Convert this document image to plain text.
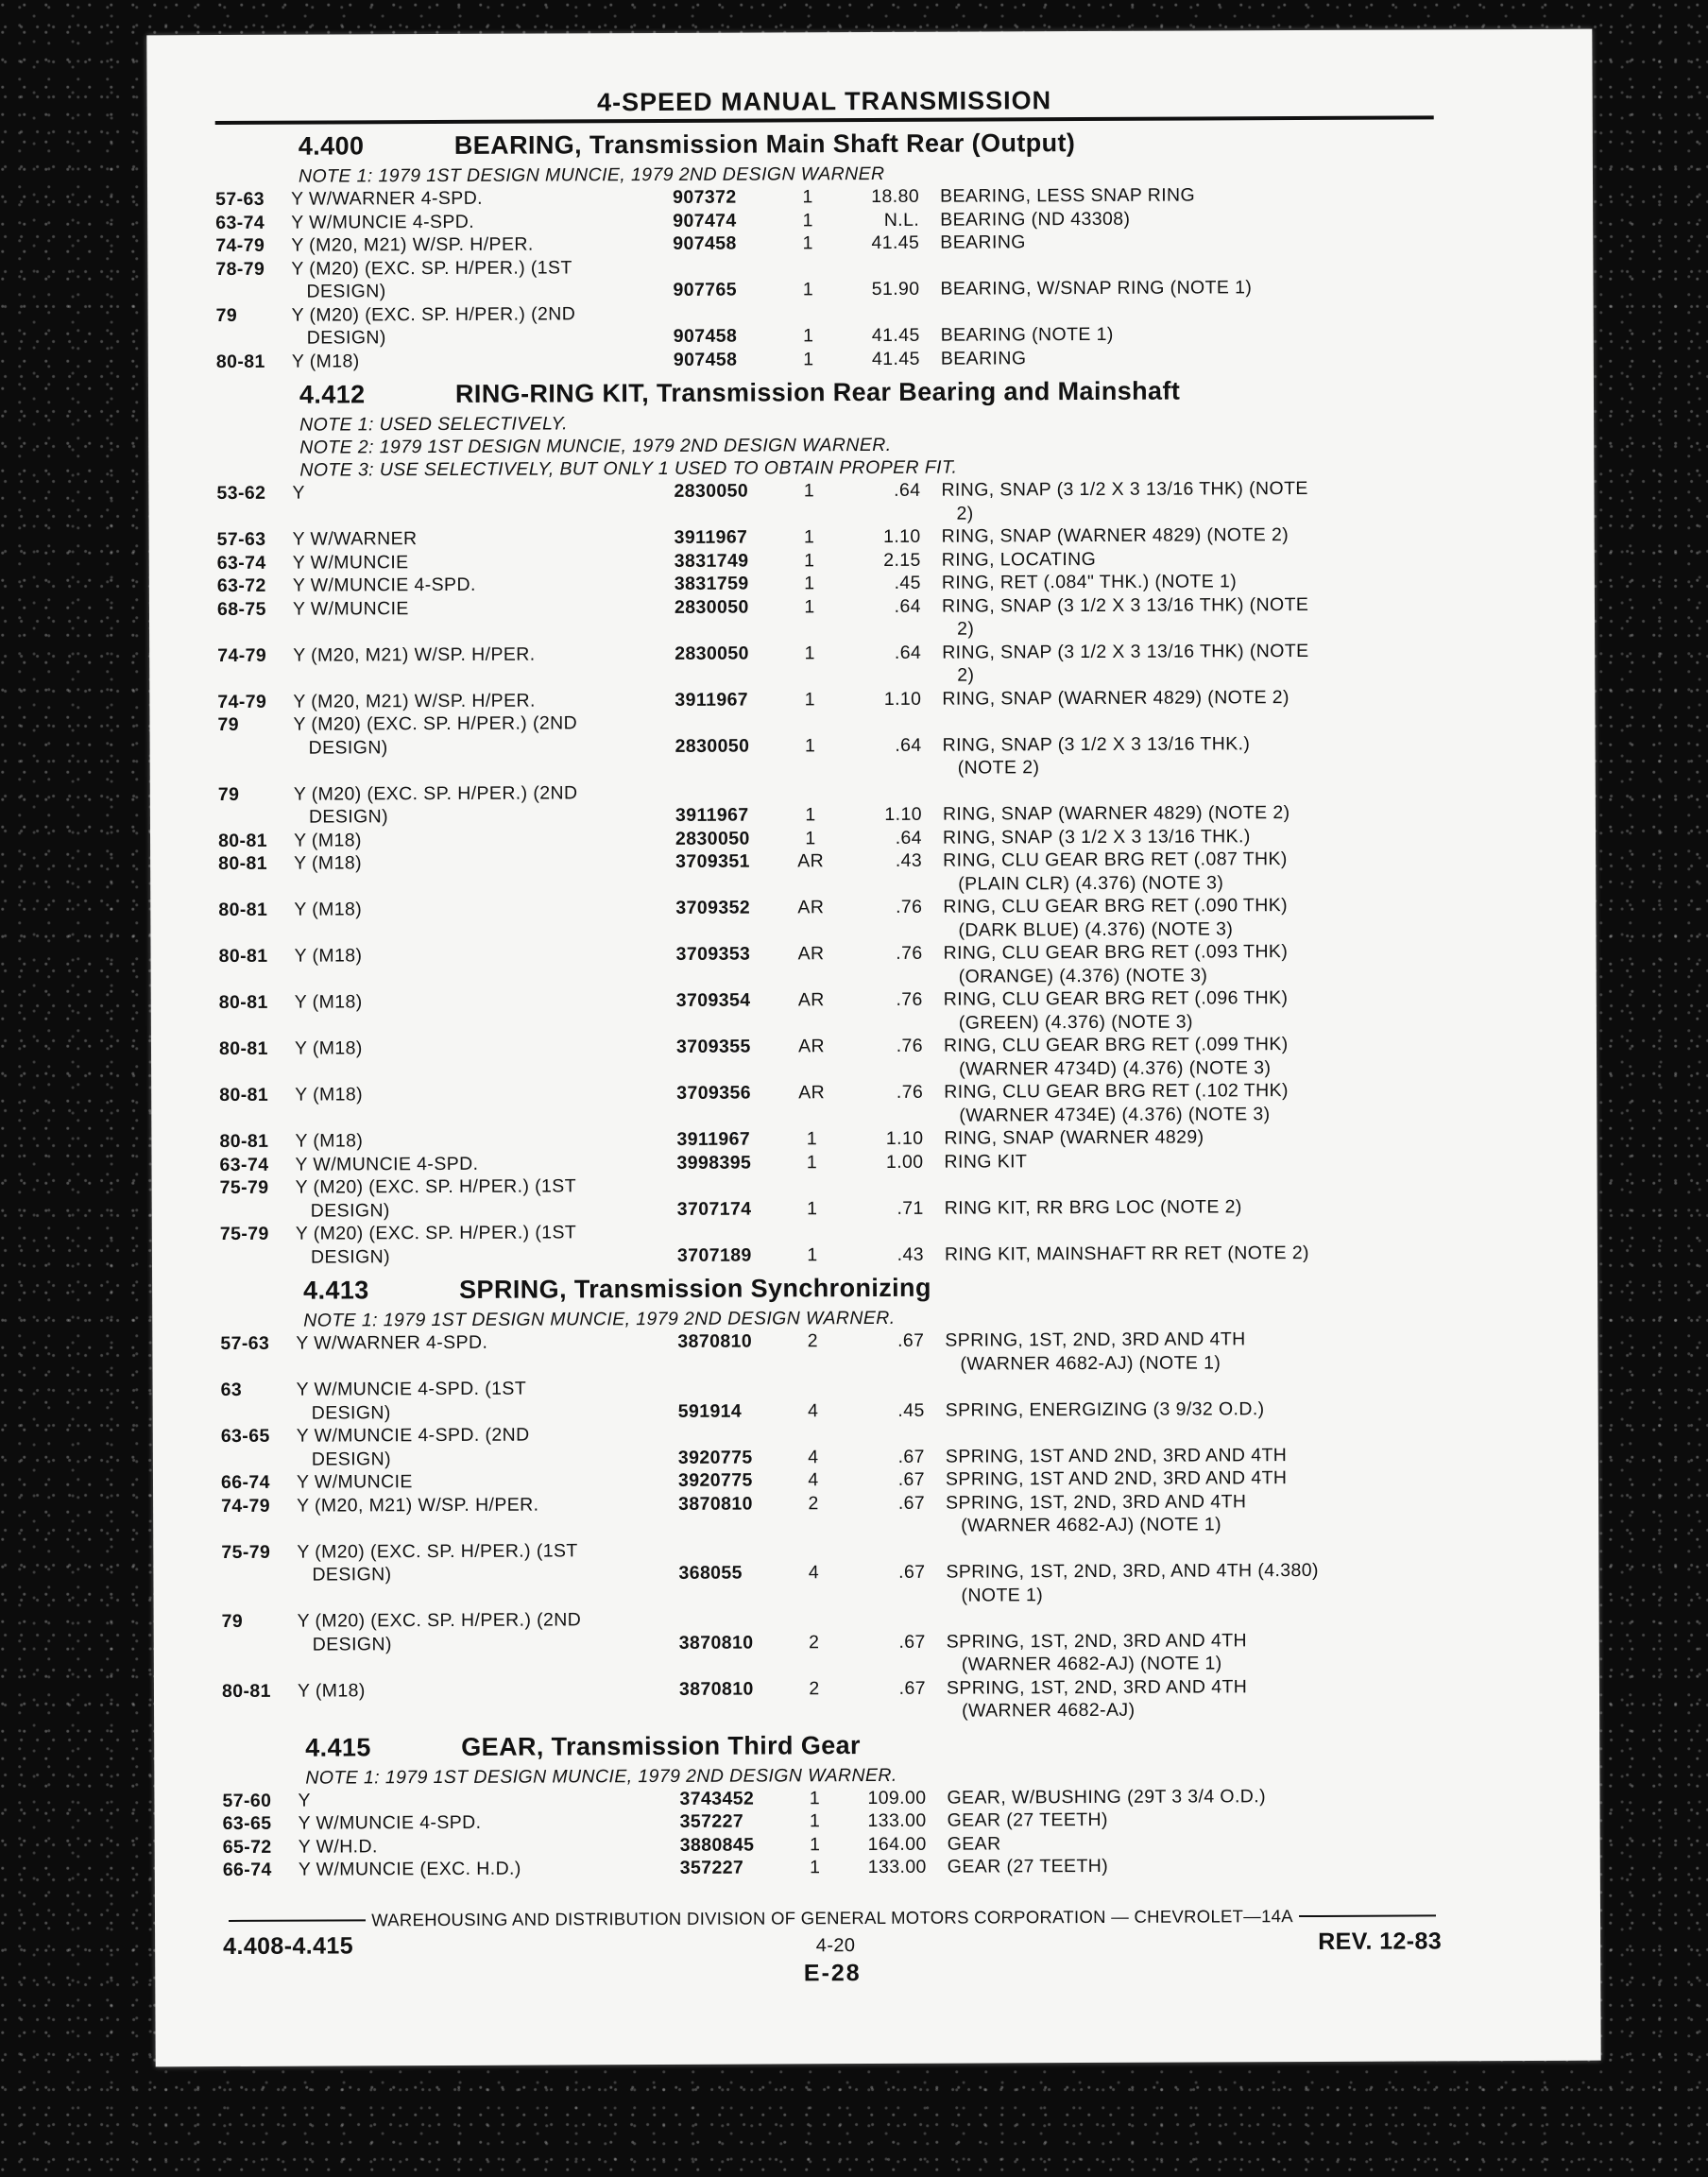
4-SPEED MANUAL TRANSMISSION
4.400	BEARING, Transmission Main Shaft Rear (Output)
NOTE 1: 1979 1ST DESIGN MUNCIE, 1979 2ND DESIGN WARNER
57-63	Y W/WARNER 4-SPD.	907372	1	18.80 BEARING, LESS SNAP RING
63-74	Y W/MUNCIE 4-SPD.	907474	1	N.L. BEARING (ND 43308)
74-79	Y (M20, M21) W/SP. H/PER.	907458	1	41.45 BEARING
78-79	Y (M20) (EXC. SP. H/PER.) (1ST
DESIGN)	907765	1	51.90 BEARING, W/SNAP RING (NOTE 1)
79	Y (M20) (EXC. SP. H/PER.) (2ND
DESIGN)	907458	1	41.45 BEARING (NOTE 1)
80-81	Y (M18)	907458	1	41.45 BEARING
4.412	RING-RING KIT, Transmission Rear Bearing and Mainshaft
NOTE 1: USED SELECTIVELY.
NOTE 2: 1979 1ST DESIGN MUNCIE, 1979 2ND DESIGN WARNER.
NOTE 3: USE SELECTIVELY, BUT ONLY 1 USED TO OBTAIN PROPER FIT.
53-62	Y	2830050	1	.64 RING, SNAP (3 1/2 X 3 13/16 THK) (NOTE
2)
57-63	Y W/WARNER	3911967	1	1.10 RING, SNAP (WARNER 4829) (NOTE 2)
63-74	Y W/MUNCIE	3831749	1	2.15 RING, LOCATING
63-72	Y W/MUNCIE 4-SPD.	3831759	1	.45 RING, RET (.084" THK.) (NOTE 1)
68-75	Y W/MUNCIE	2830050	1	.64 RING, SNAP (3 1/2 X 3 13/16 THK) (NOTE
2)
74-79	Y (M20, M21) W/SP. H/PER.	2830050	1	.64 RING, SNAP (3 1/2 X 3 13/16 THK) (NOTE
2)
74-79	Y (M20, M21) W/SP. H/PER.	3911967	1	1.10 RING, SNAP (WARNER 4829) (NOTE 2)
79	Y (M20) (EXC. SP. H/PER.) (2ND
DESIGN)	2830050	1	.64 RING, SNAP (3 1/2 X 3 13/16 THK.)
(NOTE 2)
79	Y (M20) (EXC. SP. H/PER.) (2ND
DESIGN)	3911967	1	1.10 RING, SNAP (WARNER 4829) (NOTE 2)
80-81	Y (M18)	2830050	1	.64 RING, SNAP (3 1/2 X 3 13/16 THK.)
80-81	Y (M18)	3709351	AR	.43 RING, CLU GEAR BRG RET (.087 THK)
(PLAIN CLR) (4.376) (NOTE 3)
80-81	Y (M18)	3709352	AR	.76 RING, CLU GEAR BRG RET (.090 THK)
(DARK BLUE) (4.376) (NOTE 3)
80-81	Y (M18)	3709353	AR	.76 RING, CLU GEAR BRG RET (.093 THK)
(ORANGE) (4.376) (NOTE 3)
80-81	Y (M18)	3709354	AR	.76 RING, CLU GEAR BRG RET (.096 THK)
(GREEN) (4.376) (NOTE 3)
80-81	Y (M18)	3709355	AR	.76 RING, CLU GEAR BRG RET (.099 THK)
(WARNER 4734D) (4.376) (NOTE 3)
80-81	Y (M18)	3709356	AR	.76 RING, CLU GEAR BRG RET (.102 THK)
(WARNER 4734E) (4.376) (NOTE 3)
80-81	Y (M18)	3911967	1	1.10 RING, SNAP (WARNER 4829)
63-74	Y W/MUNCIE 4-SPD.	3998395	1	1.00 RING KIT
75-79	Y (M20) (EXC. SP. H/PER.) (1ST
DESIGN)	3707174	1	.71 RING KIT, RR BRG LOC (NOTE 2)
75-79	Y (M20) (EXC. SP. H/PER.) (1ST
DESIGN)	3707189	1	.43 RING KIT, MAINSHAFT RR RET (NOTE 2)
4.413	SPRING, Transmission Synchronizing
NOTE 1: 1979 1ST DESIGN MUNCIE, 1979 2ND DESIGN WARNER.
57-63	Y W/WARNER 4-SPD.	3870810	2	.67 SPRING, 1ST, 2ND, 3RD AND 4TH
(WARNER 4682-AJ) (NOTE 1)
63	Y W/MUNCIE 4-SPD. (1ST
DESIGN)	591914	4	.45 SPRING, ENERGIZING (3 9/32 O.D.)
63-65	Y W/MUNCIE 4-SPD. (2ND
DESIGN)	3920775	4	.67 SPRING, 1ST AND 2ND, 3RD AND 4TH
66-74	Y W/MUNCIE	3920775	4	.67 SPRING, 1ST AND 2ND, 3RD AND 4TH
74-79	Y (M20, M21) W/SP. H/PER.	3870810	2	.67 SPRING, 1ST, 2ND, 3RD AND 4TH
(WARNER 4682-AJ) (NOTE 1)
75-79	Y (M20) (EXC. SP. H/PER.) (1ST
DESIGN)	368055	4	.67 SPRING, 1ST, 2ND, 3RD, AND 4TH (4.380)
(NOTE 1)
79	Y (M20) (EXC. SP. H/PER.) (2ND
DESIGN)	3870810	2	.67 SPRING, 1ST, 2ND, 3RD AND 4TH
(WARNER 4682-AJ) (NOTE 1)
80-81	Y (M18)	3870810	2	.67 SPRING, 1ST, 2ND, 3RD AND 4TH
(WARNER 4682-AJ)
4.415	GEAR, Transmission Third Gear
NOTE 1: 1979 1ST DESIGN MUNCIE, 1979 2ND DESIGN WARNER.
57-60	Y	3743452	1	109.00 GEAR, W/BUSHING (29T 3 3/4 O.D.)
63-65	Y W/MUNCIE 4-SPD.	357227	1	133.00 GEAR (27 TEETH)
65-72	Y W/H.D.	3880845	1	164.00 GEAR
66-74	Y W/MUNCIE (EXC. H.D.)	357227	1	133.00 GEAR (27 TEETH)
WAREHOUSING AND DISTRIBUTION DIVISION OF GENERAL MOTORS CORPORATION — CHEVROLET—14A
4.408-4.415	4-20	REV. 12-83
E-28
